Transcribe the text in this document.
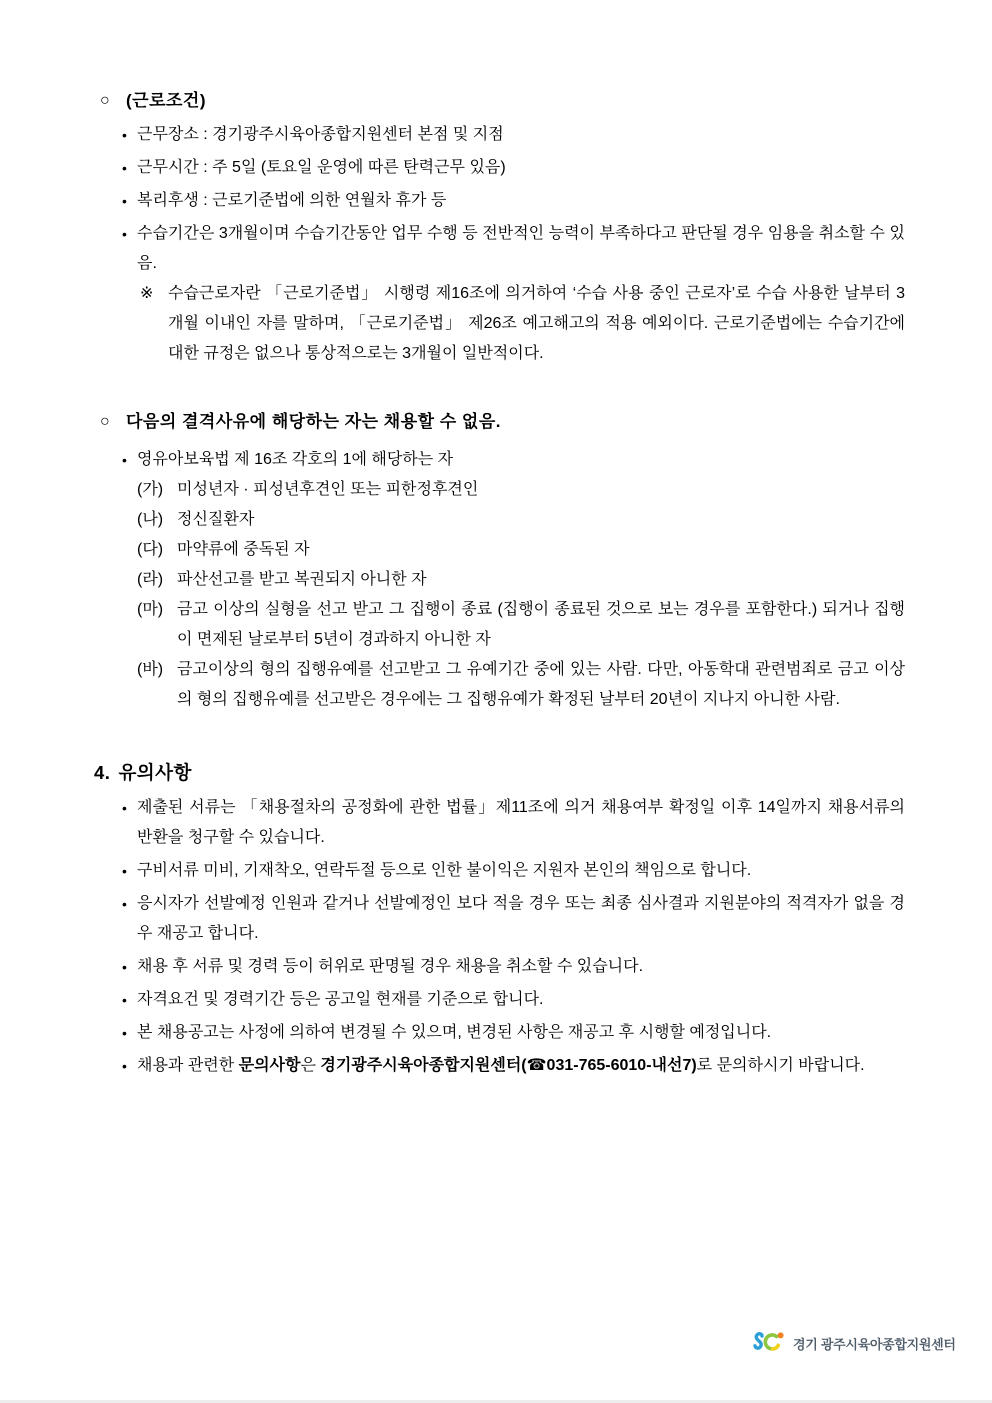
○ (근로조건)
• 근무장소 : 경기광주시육아종합지원센터 본점 및 지점
• 근무시간 : 주 5일 (토요일 운영에 따른 탄력근무 있음)
• 복리후생 : 근로기준법에 의한 연월차 휴가 등
• 수습기간은 3개월이며 수습기간동안 업무 수행 등 전반적인 능력이 부족하다고 판단될 경우 임용을 취소할 수 있음.
※ 수습근로자란 「근로기준법」 시행령 제16조에 의거하여 ‘수습 사용 중인 근로자’로 수습 사용한 날부터 3개월 이내인 자를 말하며, 「근로기준법」 제26조 예고해고의 적용 예외이다. 근로기준법에는 수습기간에 대한 규정은 없으나 통상적으로는 3개월이 일반적이다.
○ 다음의 결격사유에 해당하는 자는 채용할 수 없음.
• 영유아보육법 제 16조 각호의 1에 해당하는 자
(가) 미성년자 · 피성년후견인 또는 피한정후견인
(나) 정신질환자
(다) 마약류에 중독된 자
(라) 파산선고를 받고 복권되지 아니한 자
(마) 금고 이상의 실형을 선고 받고 그 집행이 종료 (집행이 종료된 것으로 보는 경우를 포함한다.) 되거나 집행이 면제된 날로부터 5년이 경과하지 아니한 자
(바) 금고이상의 형의 집행유예를 선고받고 그 유예기간 중에 있는 사람. 다만, 아동학대 관련범죄로 금고 이상의 형의 집행유예를 선고받은 경우에는 그 집행유예가 확정된 날부터 20년이 지나지 아니한 사람.
4. 유의사항
• 제출된 서류는 「채용절차의 공정화에 관한 법률」제11조에 의거 채용여부 확정일 이후 14일까지 채용서류의 반환을 청구할 수 있습니다.
• 구비서류 미비, 기재착오, 연락두절 등으로 인한 불이익은 지원자 본인의 책임으로 합니다.
• 응시자가 선발예정 인원과 같거나 선발예정인 보다 적을 경우 또는 최종 심사결과 지원분야의 적격자가 없을 경우 재공고 합니다.
• 채용 후 서류 및 경력 등이 허위로 판명될 경우 채용을 취소할 수 있습니다.
• 자격요건 및 경력기간 등은 공고일 현재를 기준으로 합니다.
• 본 채용공고는 사정에 의하여 변경될 수 있으며, 변경된 사항은 재공고 후 시행할 예정입니다.
• 채용과 관련한 문의사항은 경기광주시육아종합지원센터(☎031-765-6010-내선7)로 문의하시기 바랍니다.
경기 광주시육아종합지원센터
